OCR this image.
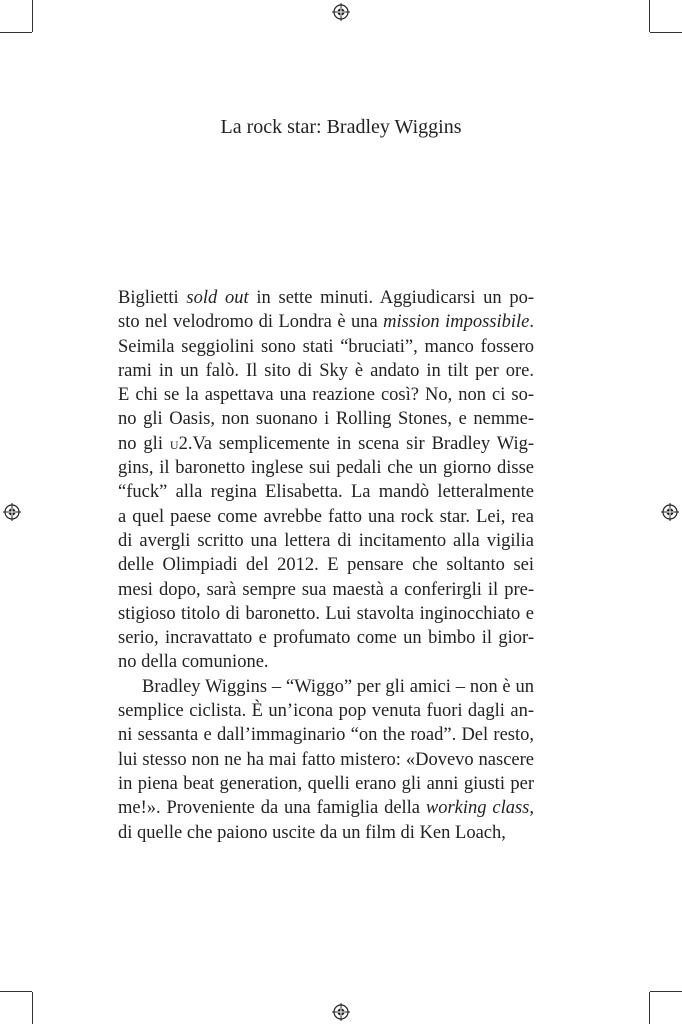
La rock star: Bradley Wiggins
Biglietti sold out in sette minuti. Aggiudicarsi un po-
sto nel velodromo di Londra è una mission impossibile.
Seimila seggiolini sono stati “bruciati”, manco fossero
rami in un falò. Il sito di Sky è andato in tilt per ore.
E chi se la aspettava una reazione così? No, non ci so-
no gli Oasis, non suonano i Rolling Stones, e nemme-
no gli u2.Va semplicemente in scena sir Bradley Wig-
gins, il baronetto inglese sui pedali che un giorno disse
“fuck” alla regina Elisabetta. La mandò letteralmente
a quel paese come avrebbe fatto una rock star. Lei, rea
di avergli scritto una lettera di incitamento alla vigilia
delle Olimpiadi del 2012. E pensare che soltanto sei
mesi dopo, sarà sempre sua maestà a conferirgli il pre-
stigioso titolo di baronetto. Lui stavolta inginocchiato e
serio, incravattato e profumato come un bimbo il gior-
no della comunione.
Bradley Wiggins – “Wiggo” per gli amici – non è un
semplice ciclista. È un’icona pop venuta fuori dagli an-
ni sessanta e dall’immaginario “on the road”. Del resto,
lui stesso non ne ha mai fatto mistero: «Dovevo nascere
in piena beat generation, quelli erano gli anni giusti per
me!». Proveniente da una famiglia della working class,
di quelle che paiono uscite da un film di Ken Loach,
